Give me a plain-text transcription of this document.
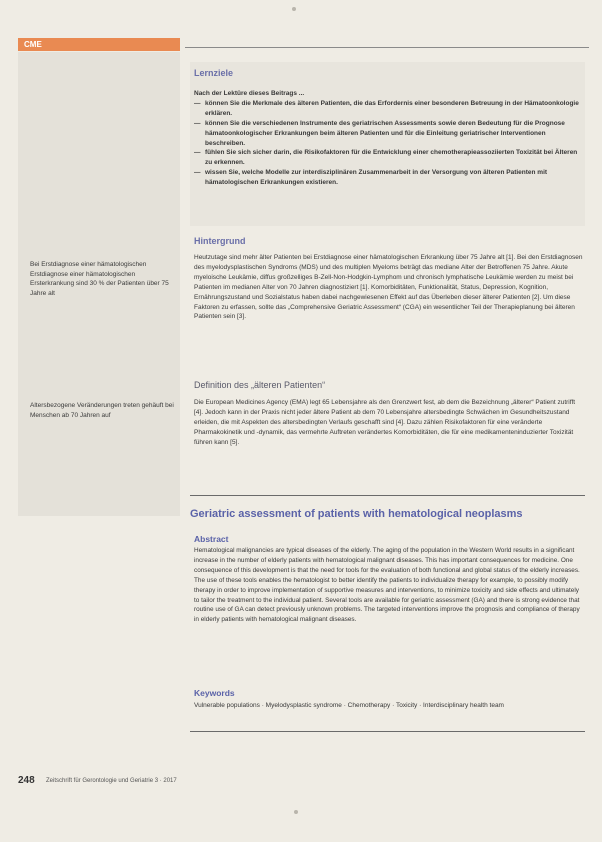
CME
Lernziele

Nach der Lektüre dieses Beitrags ...

— können Sie die Merkmale des älteren Patienten, die das Erfordernis einer besonderen Betreuung in der Hämatoonkologie erklären.
— können Sie die verschiedenen Instrumente des geriatrischen Assessments sowie deren Bedeutung für die Prognose hämatoonkologischer Erkrankungen beim älteren Patienten und für die Einleitung geriatrischer Interventionen beschreiben.
— fühlen Sie sich sicher darin, die Risikofaktoren für die Entwicklung einer chemotherapieassoziierten Toxizität bei Älteren zu erkennen.
— wissen Sie, welche Modelle zur interdisziplinären Zusammenarbeit in der Versorgung von älteren Patienten mit hämatologischen Erkrankungen existieren.
Hintergrund
Heutzutage sind mehr älter Patienten bei Erstdiagnose einer hämatologischen Erkrankung über 75 Jahre alt [1]. Bei den Erstdiagnosen des myelodysplastischen Syndroms (MDS) und des multiplen Myeloms beträgt das mediane Alter der Betroffenen 75 Jahre. Akute myeloische Leukämie, diffus großzelliges B-Zell-Non-Hodgkin-Lymphom und chronisch lymphatische Leukämie werden zu meist bei Patienten im medianen Alter von 70 Jahren diagnostiziert [1]. Komorbiditäten, Funktionalität, Status, Depression, Kognition, Ernährungszustand und Sozialstatus haben dabei nachgewiesenen Effekt auf das Überleben dieser älterer Patienten [2]. Um diese Faktoren zu erfassen, sollte das „Comprehensive Geriatric Assessment“ (CGA) ein wesentlicher Teil der Therapieplanung bei älteren Patienten sein [3].
Bei Erstdiagnose einer hämatologischen Erstdiagnose einer hämatologischen Ersterkrankung sind 30 % der Patienten über 75 Jahre alt
Altersbezogene Veränderungen treten gehäuft bei Menschen ab 70 Jahren auf
Definition des „älteren Patienten“
Die European Medicines Agency (EMA) legt 65 Lebensjahre als den Grenzwert fest, ab dem die Bezeichnung „älterer“ Patient zutrifft [4]. Jedoch kann in der Praxis nicht jeder ältere Patient ab dem 70 Lebensjahre altersbedingte Schwächen im Gesundheitszustand erleiden, die mit Aspekten des altersbedingten Verlaufs geschafft sind [4]. Dazu zählen Risikofaktoren für eine veränderte Pharmakokinetik und -dynamik, das vermehrte Auftreten verändertes Komorbiditäten, die für eine medikamenteninduzierter Toxizität führen kann [5].
Geriatric assessment of patients with hematological neoplasms
Abstract
Hematological malignancies are typical diseases of the elderly. The aging of the population in the Western World results in a significant increase in the number of elderly patients with hematological malignant diseases. This has important consequences for medicine. One consequence of this development is that the need for tools for the evaluation of both functional and global status of the elderly increases. The use of these tools enables the hematologist to better identify the patients to individualize therapy for example, to possibly modify therapy in order to improve implementation of supportive measures and interventions, to minimize toxicity and side effects and ultimately to tailor the treatment to the individual patient. Several tools are available for geriatric assessment (GA) and there is strong evidence that routine use of GA can detect previously unknown problems. The targeted interventions improve the prognosis and compliance of therapy in elderly patients with hematological malignant diseases.
Keywords
Vulnerable populations · Myelodysplastic syndrome · Chemotherapy · Toxicity · Interdisciplinary health team
248 Zeitschrift für Gerontologie und Geriatrie 3 · 2017
